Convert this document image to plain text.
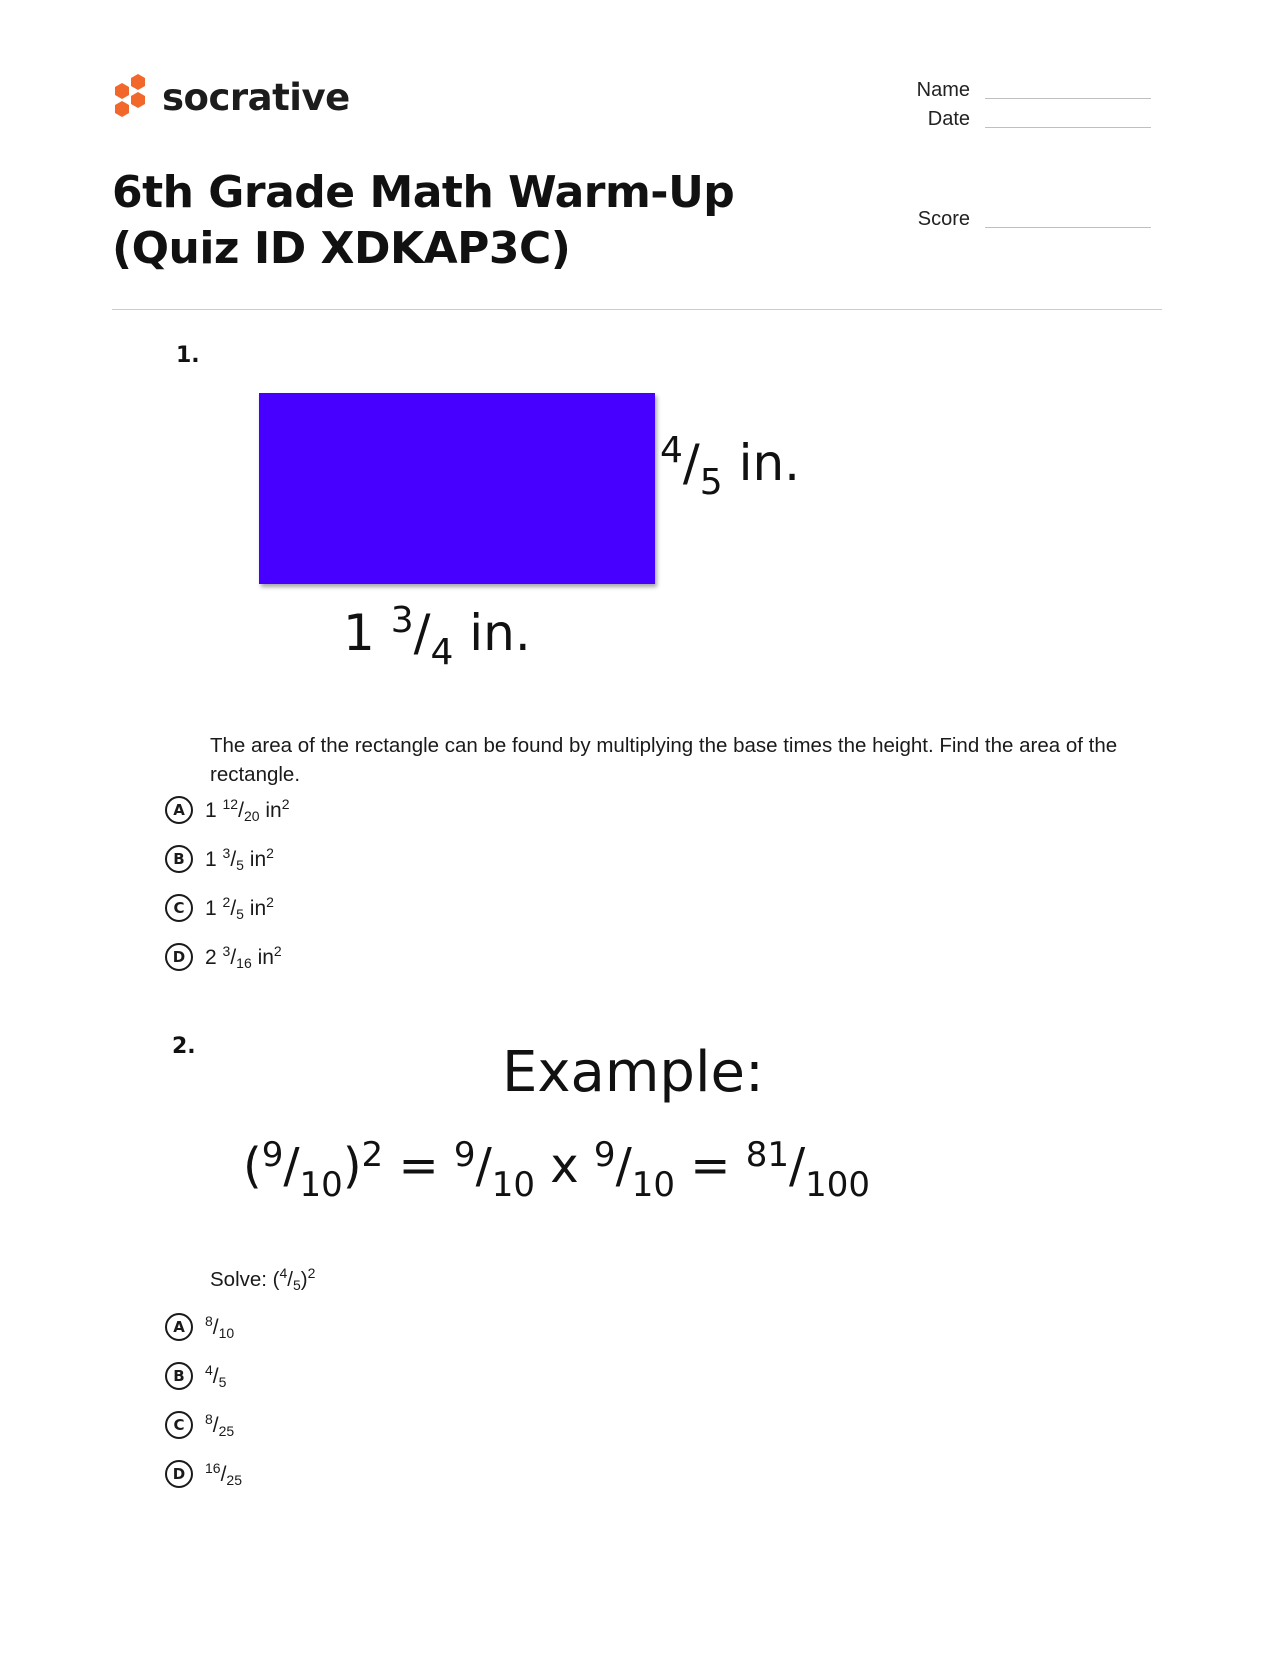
socrative	Name
Date
6th Grade Math Warm-Up (Quiz ID XDKAP3C)
Score
1.
$^4/_5$ in.
1 $^3/_4$ in.
The area of the rectangle can be found by multiplying the base times the height. Find the area of the rectangle.
A 1 $^{12}/_{20}$ $in^2$
B 1 $^3/_5$ $in^2$
C 1 $^2/_5$ $in^2$
D 2 $^3/_{16}$ $in^2$
2.	Example:
$(^9/_{10})^2 = ^9/_{10}$ x $^9/_{10} = ^{81}/_{100}$
Solve: $(^4/_5)^2$
A	$^8/_{10}$
B	$^4/_5$
C	$^8/_{25}$
D	$^{16}/_{25}$
